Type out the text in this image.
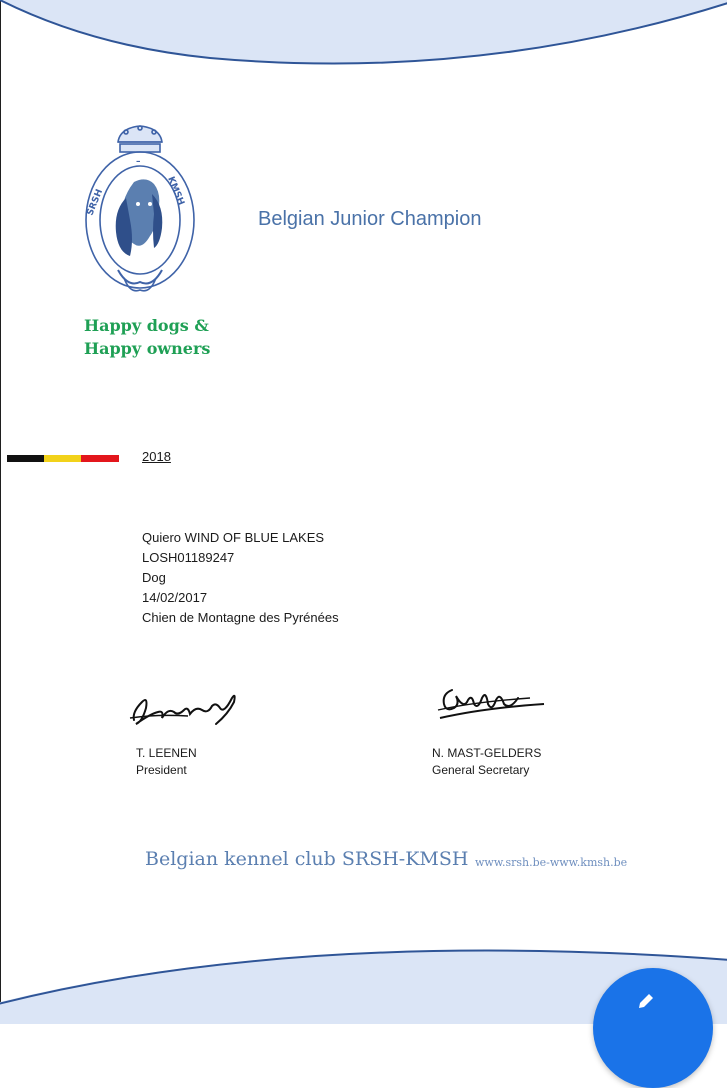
SRSH	KMSH
–
Happy dogs &
Happy owners
Belgian Junior Champion
2018
Quiero WIND OF BLUE LAKES
LOSH01189247
Dog
14/02/2017
Chien de Montagne des Pyrénées
T. LEENEN
President
N. MAST-GELDERS
General Secretary
Belgian kennel club SRSH-KMSH www.srsh.be-www.kmsh.be
